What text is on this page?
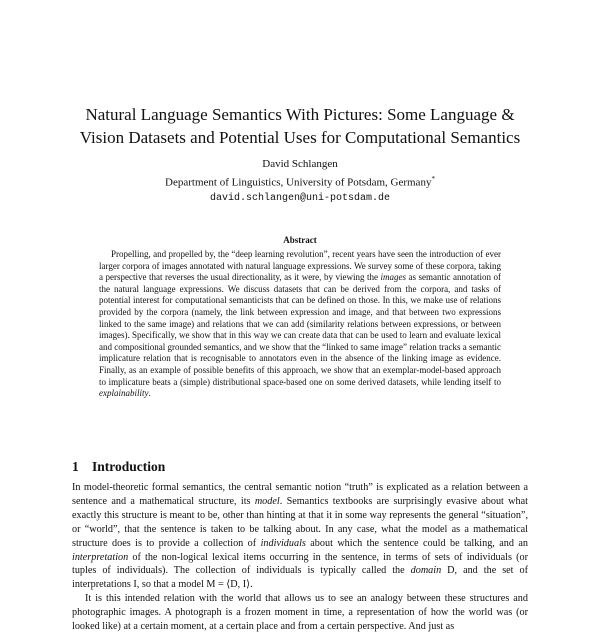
Natural Language Semantics With Pictures: Some Language &
Vision Datasets and Potential Uses for Computational Semantics
David Schlangen
Department of Linguistics, University of Potsdam, Germany*
david.schlangen@uni-potsdam.de
Abstract

Propelling, and propelled by, the “deep learning revolution”, recent years have seen the introduction of ever larger corpora of images annotated with natural language expressions. We survey some of these corpora, taking a perspective that reverses the usual directionality, as it were, by viewing the images as semantic annotation of the natural language expressions. We discuss datasets that can be derived from the corpora, and tasks of potential interest for computational semanticists that can be defined on those. In this, we make use of relations provided by the corpora (namely, the link between expression and image, and that between two expressions linked to the same image) and relations that we can add (similarity relations between expressions, or between images). Specifically, we show that in this way we can create data that can be used to learn and evaluate lexical and compositional grounded semantics, and we show that the “linked to same image” relation tracks a semantic implicature relation that is recognisable to annotators even in the absence of the linking image as evidence. Finally, as an example of possible benefits of this approach, we show that an exemplar-model-based approach to implicature beats a (simple) distributional space-based one on some derived datasets, while lending itself to explainability.

1 Introduction

In model-theoretic formal semantics, the central semantic notion “truth” is explicated as a relation between a sentence and a mathematical structure, its model. Semantics textbooks are surprisingly evasive about what exactly this structure is meant to be, other than hinting at that it in some way represents the general “situation”, or “world”, that the sentence is taken to be talking about. In any case, what the model as a mathematical structure does is to provide a collection of individuals about which the sentence could be talking, and an interpretation of the non-logical lexical items occurring in the sentence, in terms of sets of individuals (or tuples of individuals). The collection of individuals is typically called the domain D, and the set of interpretations I, so that a model M = ⟨D, I⟩.

It is this intended relation with the world that allows us to see an analogy between these structures and photographic images. A photograph is a frozen moment in time, a representation of how the world was (or looked like) at a certain moment, at a certain place and from a certain perspective. And just as
